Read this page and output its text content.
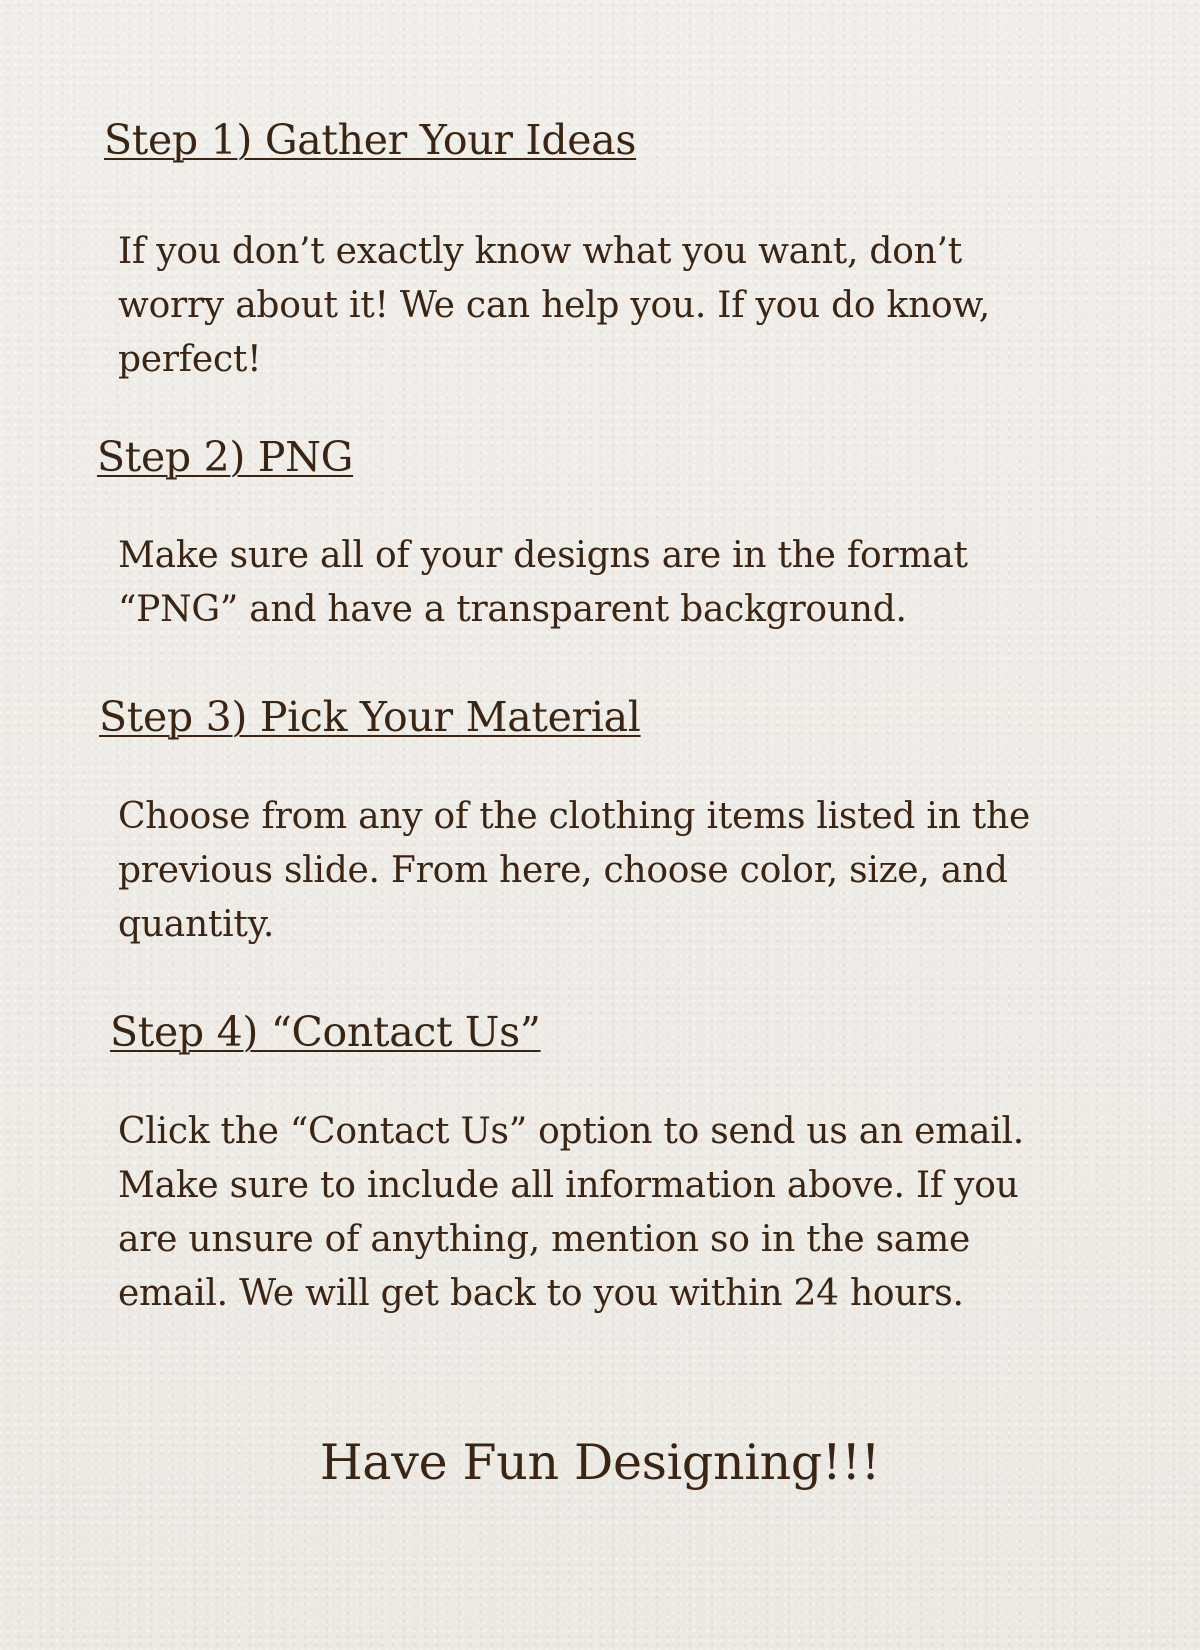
Step 1) Gather Your Ideas

If you don’t exactly know what you want, don’t worry about it! We can help you. If you do know, perfect!

Step 2) PNG

Make sure all of your designs are in the format “PNG” and have a transparent background.

Step 3) Pick Your Material

Choose from any of the clothing items listed in the previous slide. From here, choose color, size, and quantity.

Step 4) “Contact Us”

Click the “Contact Us” option to send us an email. Make sure to include all information above. If you are unsure of anything, mention so in the same email. We will get back to you within 24 hours.

Have Fun Designing!!!
